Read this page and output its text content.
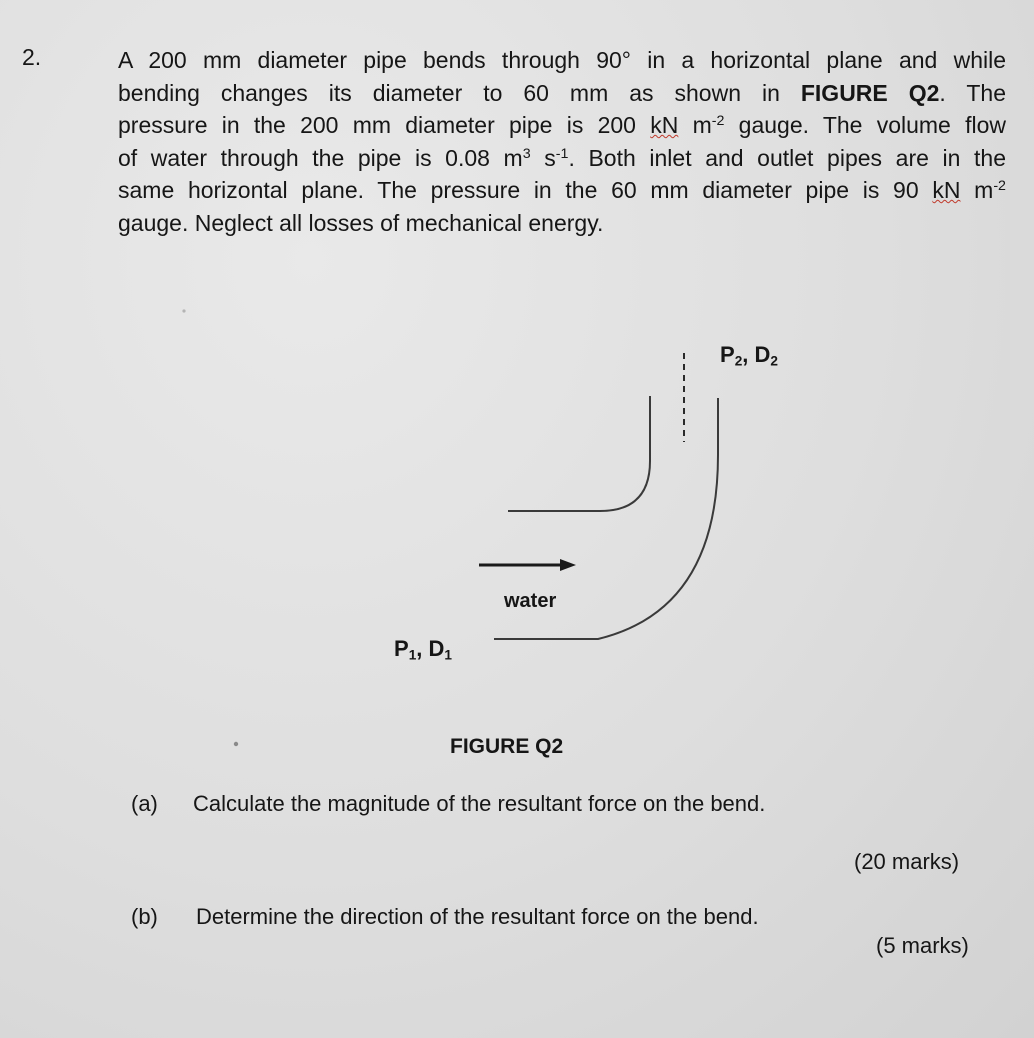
2.	A 200 mm diameter pipe bends through 90° in a horizontal plane and while
bending changes its diameter to 60 mm as shown in FIGURE Q2. The
pressure in the 200 mm diameter pipe is 200 kN $m^{-2}$ gauge. The volume flow
of water through the pipe is 0.08 $m^3$ $s^{-1}$. Both inlet and outlet pipes are in the
same horizontal plane. The pressure in the 60 mm diameter pipe is 90 kN $m^{-2}$
gauge. Neglect all losses of mechanical energy.
$P_2$, $D_2$
$P_1$, $D_1$
water
FIGURE Q2
(a) Calculate the magnitude of the resultant force on the bend.
(20 marks)
(b) Determine the direction of the resultant force on the bend.
(5 marks)
